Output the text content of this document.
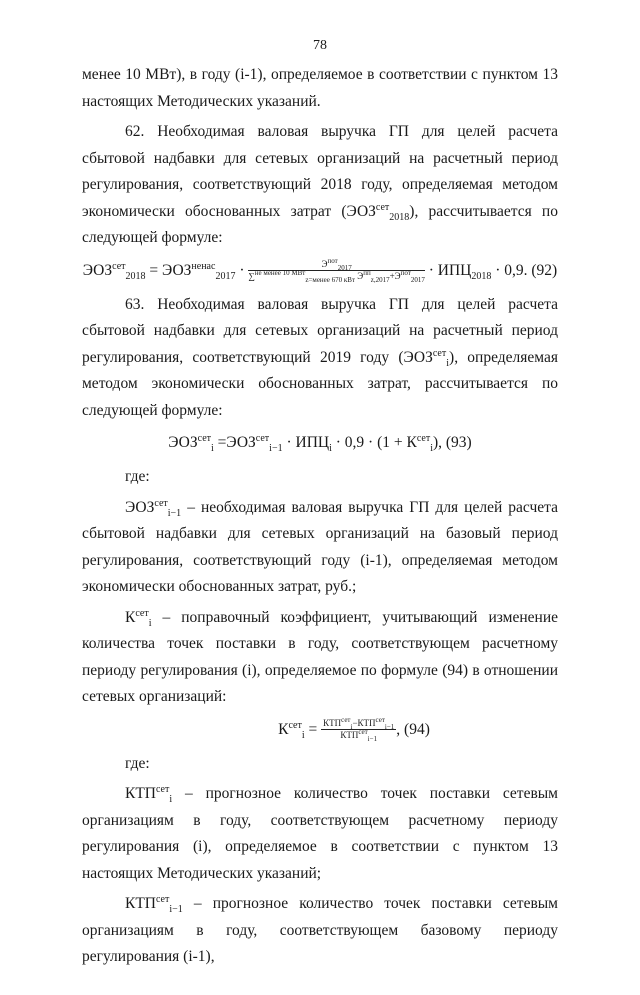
78
менее 10 МВт), в году (i-1), определяемое в соответствии с пунктом 13 настоящих Методических указаний.
62. Необходимая валовая выручка ГП для целей расчета сбытовой надбавки для сетевых организаций на расчетный период регулирования, соответствующий 2018 году, определяемая методом экономически обоснованных затрат $(ЭОЗ^{сет}_{2018})$, рассчитывается по следующей формуле:
$ЭОЗ^{сет}_{2018} = ЭОЗ^{ненас}_{2017} \cdot \frac{Э^{пот}_{2017}}{\sum^{не менее 10 МВт}_{z=менее 670 кВт} Э^{пп}_{z,2017}+Э^{пот}_{2017}} \cdot ИПЦ_{2018} \cdot 0,9$. (92)
63. Необходимая валовая выручка ГП для целей расчета сбытовой надбавки для сетевых организаций на расчетный период регулирования, соответствующий 2019 году $(ЭОЗ^{сет}_i)$, определяемая методом экономически обоснованных затрат, рассчитывается по следующей формуле:
$ЭОЗ^{сет}_i =ЭОЗ^{сет}_{i-1} \cdot ИПЦ_i \cdot 0,9 \cdot (1 + К^{сет}_i)$, (93)
где:
$ЭОЗ^{сет}_{i-1}$ – необходимая валовая выручка ГП для целей расчета сбытовой надбавки для сетевых организаций на базовый период регулирования, соответствующий году (i-1), определяемая методом экономически обоснованных затрат, руб.;
$К^{сет}_i$ – поправочный коэффициент, учитывающий изменение количества точек поставки в году, соответствующем расчетному периоду регулирования (i), определяемое по формуле (94) в отношении сетевых организаций:
$К^{сет}_i = \frac{КТП^{сет}_i-КТП^{сет}_{i-1}}{КТП^{сет}_{i-1}}$ , (94)
где:
$КТП^{сет}_i$ – прогнозное количество точек поставки сетевым организациям в году, соответствующем расчетному периоду регулирования (i), определяемое в соответствии с пунктом 13 настоящих Методических указаний;
$КТП^{сет}_{i-1}$ – прогнозное количество точек поставки сетевым организациям в году, соответствующем базовому периоду регулирования (i-1),
